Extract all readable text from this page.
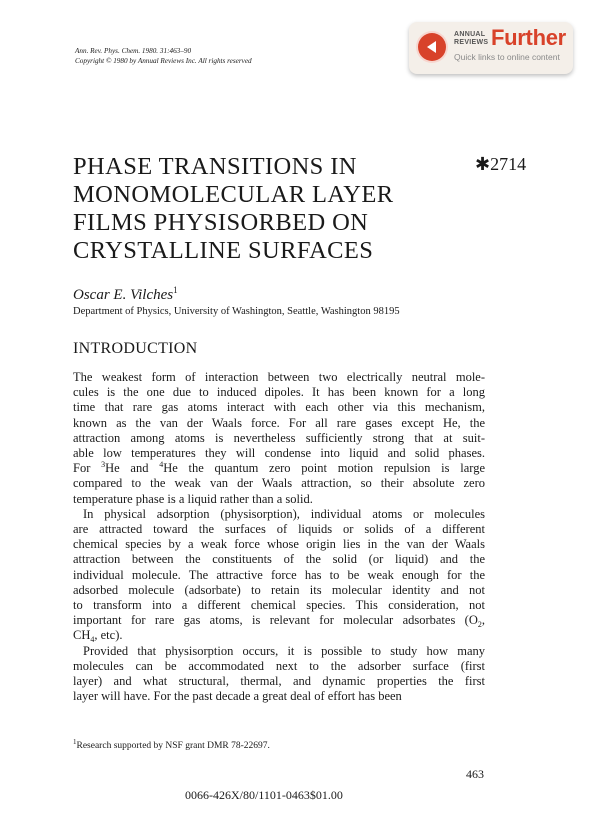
Ann. Rev. Phys. Chem. 1980. 31:463–90
Copyright © 1980 by Annual Reviews Inc. All rights reserved
ANNUAL
REVIEWS Further
Quick links to online content
PHASE TRANSITIONS IN
MONOMOLECULAR LAYER
FILMS PHYSISORBED ON
CRYSTALLINE SURFACES
✱2714
Oscar E. Vilches$^1$
Department of Physics, University of Washington, Seattle, Washington 98195
INTRODUCTION
The weakest form of interaction between two electrically neutral mole-
cules is the one due to induced dipoles. It has been known for a long
time that rare gas atoms interact with each other via this mechanism,
known as the van der Waals force. For all rare gases except He, the
attraction among atoms is nevertheless sufficiently strong that at suit-
able low temperatures they will condense into liquid and solid phases.
For $^3$He and $^4$He the quantum zero point motion repulsion is large
compared to the weak van der Waals attraction, so their absolute zero
temperature phase is a liquid rather than a solid.
In physical adsorption (physisorption), individual atoms or molecules
are attracted toward the surfaces of liquids or solids of a different
chemical species by a weak force whose origin lies in the van der Waals
attraction between the constituents of the solid (or liquid) and the
individual molecule. The attractive force has to be weak enough for the
adsorbed molecule (adsorbate) to retain its molecular identity and not
to transform into a different chemical species. This consideration, not
important for rare gas atoms, is relevant for molecular adsorbates ($O_2$,
$CH_4$, etc).
Provided that physisorption occurs, it is possible to study how many
molecules can be accommodated next to the adsorber surface (first
layer) and what structural, thermal, and dynamic properties the first
layer will have. For the past decade a great deal of effort has been
$^1$Research supported by NSF grant DMR 78-22697.
463
0066-426X/80/1101-0463$01.00
